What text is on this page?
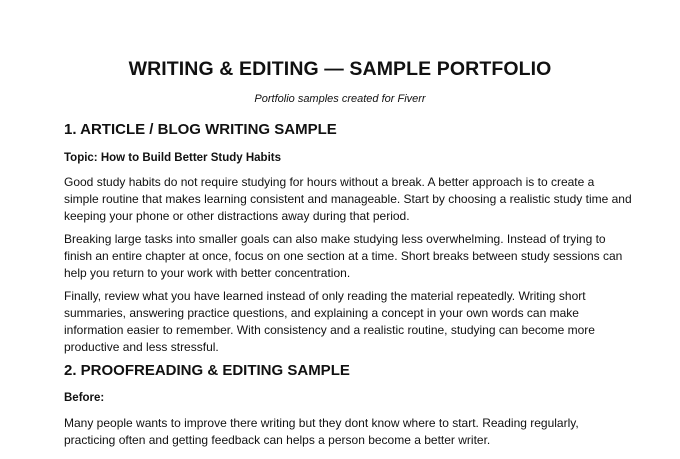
WRITING & EDITING — SAMPLE PORTFOLIO

Portfolio samples created for Fiverr

1. ARTICLE / BLOG WRITING SAMPLE

Topic: How to Build Better Study Habits

Good study habits do not require studying for hours without a break. A better approach is to create a
simple routine that makes learning consistent and manageable. Start by choosing a realistic study time and
keeping your phone or other distractions away during that period.

Breaking large tasks into smaller goals can also make studying less overwhelming. Instead of trying to
finish an entire chapter at once, focus on one section at a time. Short breaks between study sessions can
help you return to your work with better concentration.

Finally, review what you have learned instead of only reading the material repeatedly. Writing short
summaries, answering practice questions, and explaining a concept in your own words can make
information easier to remember. With consistency and a realistic routine, studying can become more
productive and less stressful.

2. PROOFREADING & EDITING SAMPLE

Before:

Many people wants to improve there writing but they dont know where to start. Reading regularly,
practicing often and getting feedback can helps a person become a better writer.
